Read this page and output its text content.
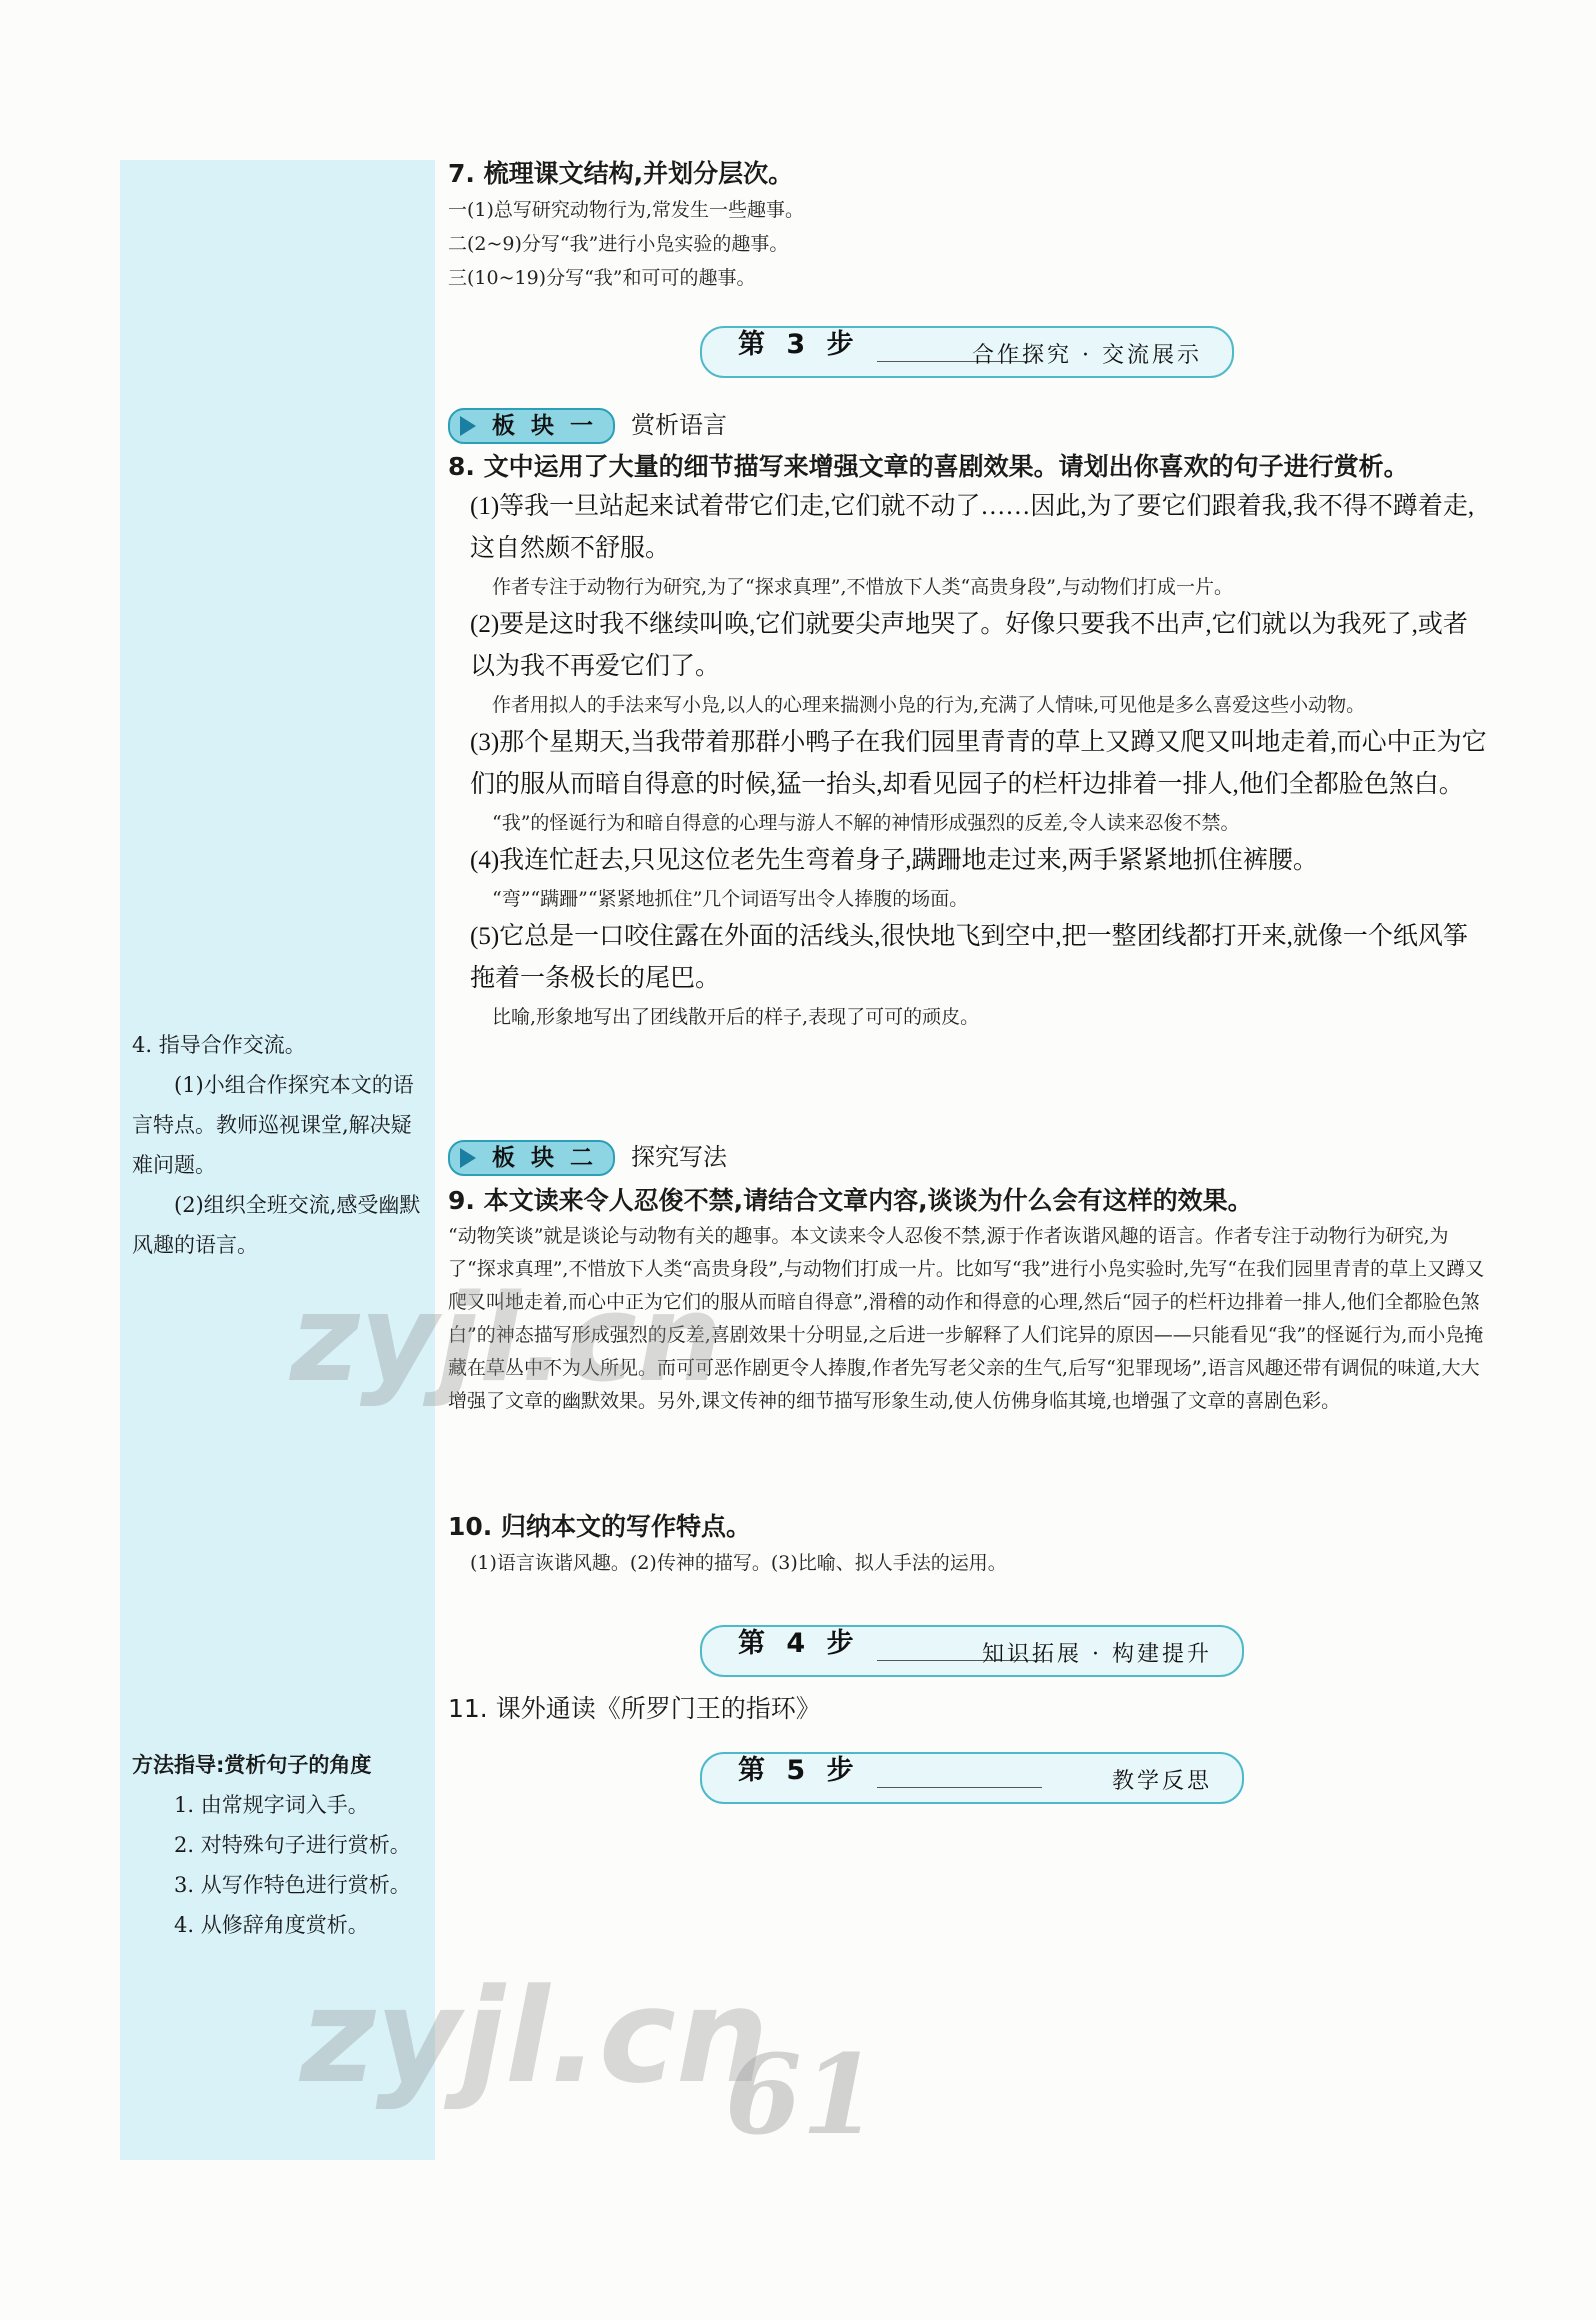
4. 指导合作交流。

(1)小组合作探究本文的语言特点。教师巡视课堂,解决疑难问题。

(2)组织全班交流,感受幽默风趣的语言。

方法指导:赏析句子的角度

1. 由常规字词入手。

2. 对特殊句子进行赏析。

3. 从写作特色进行赏析。

4. 从修辞角度赏析。

7. 梳理课文结构,并划分层次。

一(1)总写研究动物行为,常发生一些趣事。

二(2~9)分写“我”进行小凫实验的趣事。

三(10~19)分写“我”和可可的趣事。

第 3 步	合作探究 · 交流展示
板 块 一 赏析语言

8. 文中运用了大量的细节描写来增强文章的喜剧效果。请划出你喜欢的句子进行赏析。

(1)等我一旦站起来试着带它们走,它们就不动了……因此,为了要它们跟着我,我不得不蹲着走,这自然颇不舒服。

作者专注于动物行为研究,为了“探求真理”,不惜放下人类“高贵身段”,与动物们打成一片。

(2)要是这时我不继续叫唤,它们就要尖声地哭了。好像只要我不出声,它们就以为我死了,或者以为我不再爱它们了。

作者用拟人的手法来写小凫,以人的心理来揣测小凫的行为,充满了人情味,可见他是多么喜爱这些小动物。

(3)那个星期天,当我带着那群小鸭子在我们园里青青的草上又蹲又爬又叫地走着,而心中正为它们的服从而暗自得意的时候,猛一抬头,却看见园子的栏杆边排着一排人,他们全都脸色煞白。

“我”的怪诞行为和暗自得意的心理与游人不解的神情形成强烈的反差,令人读来忍俊不禁。

(4)我连忙赶去,只见这位老先生弯着身子,蹒跚地走过来,两手紧紧地抓住裤腰。

“弯”“蹒跚”“紧紧地抓住”几个词语写出令人捧腹的场面。

(5)它总是一口咬住露在外面的活线头,很快地飞到空中,把一整团线都打开来,就像一个纸风筝拖着一条极长的尾巴。

比喻,形象地写出了团线散开后的样子,表现了可可的顽皮。

板 块 二 探究写法

9. 本文读来令人忍俊不禁,请结合文章内容,谈谈为什么会有这样的效果。

“动物笑谈”就是谈论与动物有关的趣事。本文读来令人忍俊不禁,源于作者诙谐风趣的语言。作者专注于动物行为研究,为了“探求真理”,不惜放下人类“高贵身段”,与动物们打成一片。比如写“我”进行小凫实验时,先写“在我们园里青青的草上又蹲又爬又叫地走着,而心中正为它们的服从而暗自得意”,滑稽的动作和得意的心理,然后“园子的栏杆边排着一排人,他们全都脸色煞白”的神态描写形成强烈的反差,喜剧效果十分明显,之后进一步解释了人们诧异的原因——只能看见“我”的怪诞行为,而小凫掩藏在草丛中不为人所见。而可可恶作剧更令人捧腹,作者先写老父亲的生气,后写“犯罪现场”,语言风趣还带有调侃的味道,大大增强了文章的幽默效果。另外,课文传神的细节描写形象生动,使人仿佛身临其境,也增强了文章的喜剧色彩。

10. 归纳本文的写作特点。

(1)语言诙谐风趣。(2)传神的描写。(3)比喻、拟人手法的运用。

第 4 步	知识拓展 · 构建提升

11. 课外通读《所罗门王的指环》

第 5 步	教学反思
zyjl.cn
zyjl.cn
61
